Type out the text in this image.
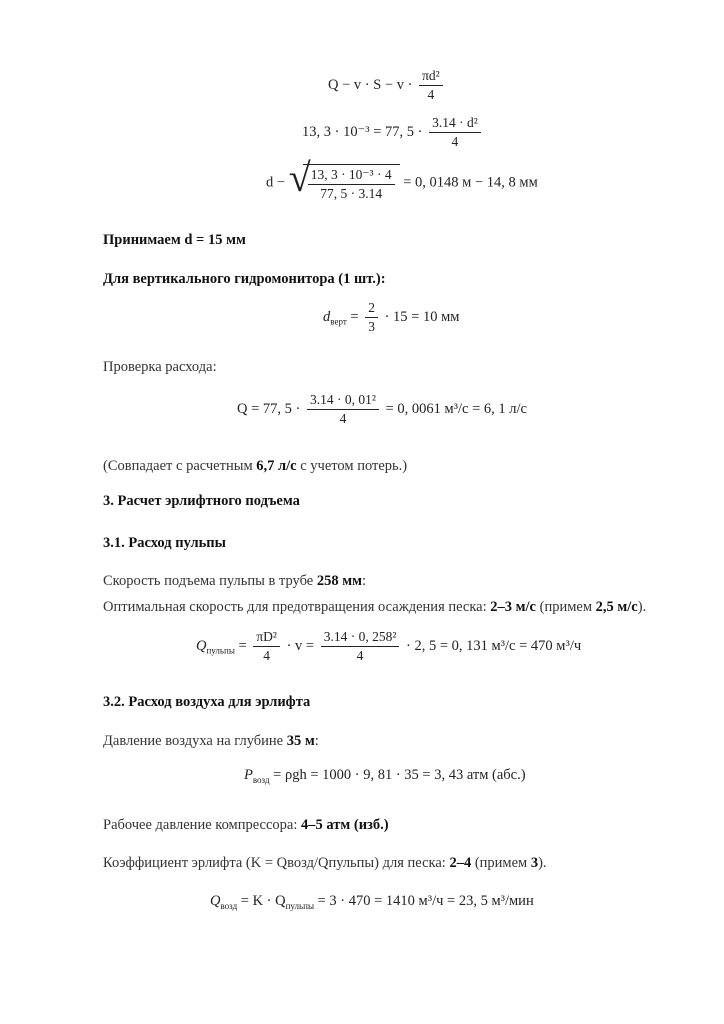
$Q - v \cdot S - v \cdot \frac{\text{πd²}}{4}$
13, 3 · 10⁻³ = 77, $5 \cdot \frac{\text{3.14 · d²}}{4}$
d − √
$\frac{\text{13, 3 · 10⁻³ · 4}}{77, 5 \cdot 3.14} = 0$, 0148 м − 14, 8 мм
Принимаем d = 15 мм
Для вертикального гидромонитора (1 шт.):
$d_{верт} = \frac{2}{3} \cdot 15 = 10$ мм
Проверка расхода:
Q = 77, $5 \cdot \frac{\text{3.14 · 0, 01²}}{4} = 0$, 0061 м³/с = 6, 1 л/с
(Совпадает с расчетным 6,7 л/с с учетом потерь.)
3. Расчет эрлифтного подъема
3.1. Расход пульпы
Скорость подъема пульпы в трубе 258 мм:
Оптимальная скорость для предотвращения осаждения песка: 2–3 м/с (примем 2,5 м/с).
$Q_{пульпы} = \frac{\text{πD²}}{4} \cdot v = \frac{\text{3.14 · 0, 258²}}{4} \cdot 2$, 5 = 0, 131 м³/с = 470 м³/ч
3.2. Расход воздуха для эрлифта
Давление воздуха на глубине 35 м:
$P_{возд} = \rho gh = 1000 \cdot 9$, 81 · 35 = 3, 43 атм (абс.)
Рабочее давление компрессора: 4–5 атм (изб.)
Коэффициент эрлифта (K = Qвозд/Qпульпы) для песка: 2–4 (примем 3).
$Q_{возд} = K \cdot Q_{пульпы} = 3 \cdot 470 = 1410$ м³/ч = 23, 5 м³/мин
